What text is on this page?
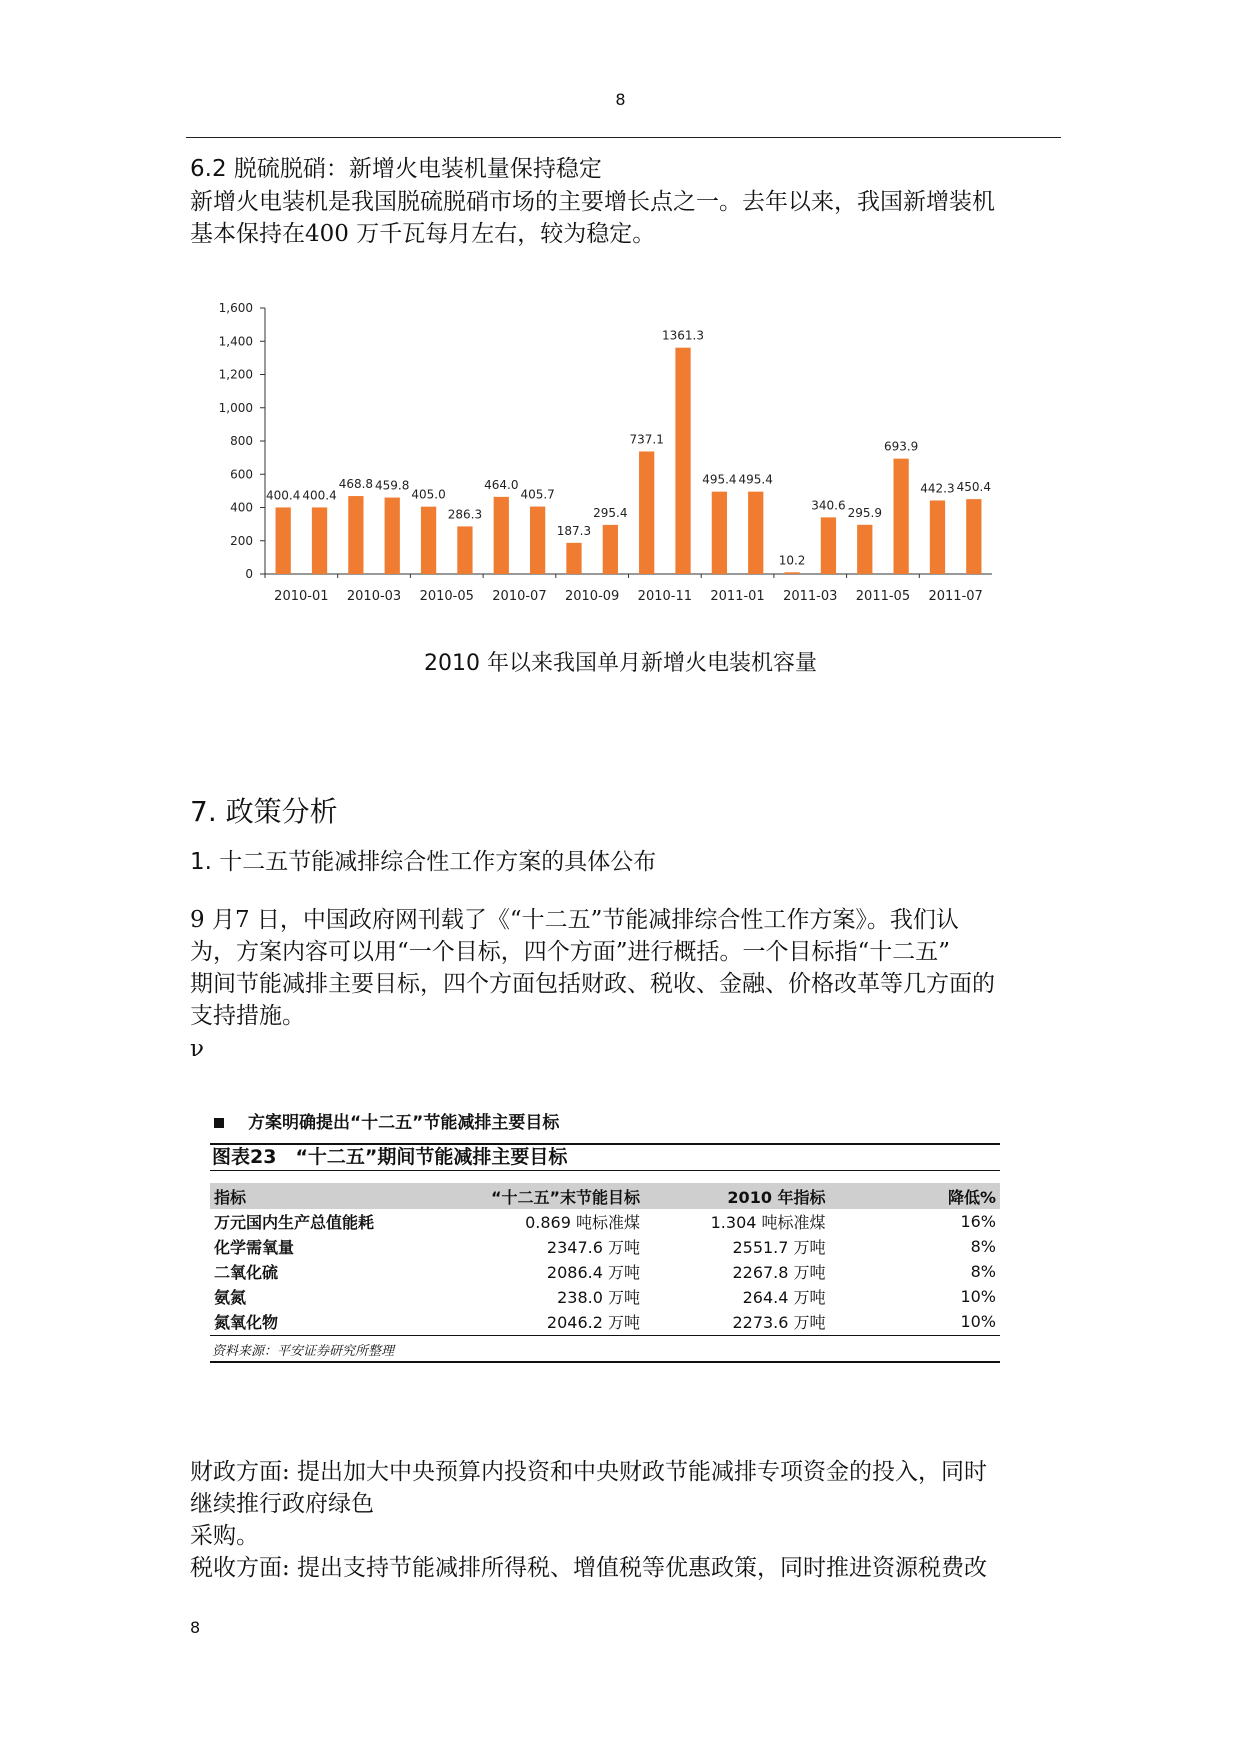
8
6.2 脱硫脱硝：新增火电装机量保持稳定
新增火电装机是我国脱硫脱硝市场的主要增长点之一。去年以来，我国新增装机
基本保持在400 万千瓦每月左右，较为稳定。
0
200
400
600
800
1,000
1,200
1,400
1,600
400.4 400.4
468.8 459.8
405.0
286.3
464.0
405.7
187.3
295.4
737.1
1361.3
495.4 495.4
10.2
340.6
295.9
693.9
442.3 450.4
2010-01 2010-03 2010-05 2010-07 2010-09 2010-11 2011-01 2011-03 2011-05 2011-07
2010 年以来我国单月新增火电装机容量
7. 政策分析
1. 十二五节能减排综合性工作方案的具体公布
9 月7 日，中国政府网刊载了《“十二五”节能减排综合性工作方案》。我们认
为，方案内容可以用“一个目标，四个方面”进行概括。一个目标指“十二五”
期间节能减排主要目标，四个方面包括财政、税收、金融、价格改革等几方面的
支持措施。
ν
方案明确提出“十二五”节能减排主要目标
图表23　“十二五”期间节能减排主要目标
指标	“十二五”末节能目标	2010 年指标	降低%
万元国内生产总值能耗	0.869 吨标准煤	1.304 吨标准煤	16%
化学需氧量	2347.6 万吨	2551.7 万吨	8%
二氧化硫	2086.4 万吨	2267.8 万吨	8%
氨氮	238.0 万吨	264.4 万吨	10%
氮氧化物	2046.2 万吨	2273.6 万吨	10%
资料来源：平安证券研究所整理
财政方面: 提出加大中央预算内投资和中央财政节能减排专项资金的投入，同时
继续推行政府绿色
采购。
税收方面: 提出支持节能减排所得税、增值税等优惠政策，同时推进资源税费改
8
